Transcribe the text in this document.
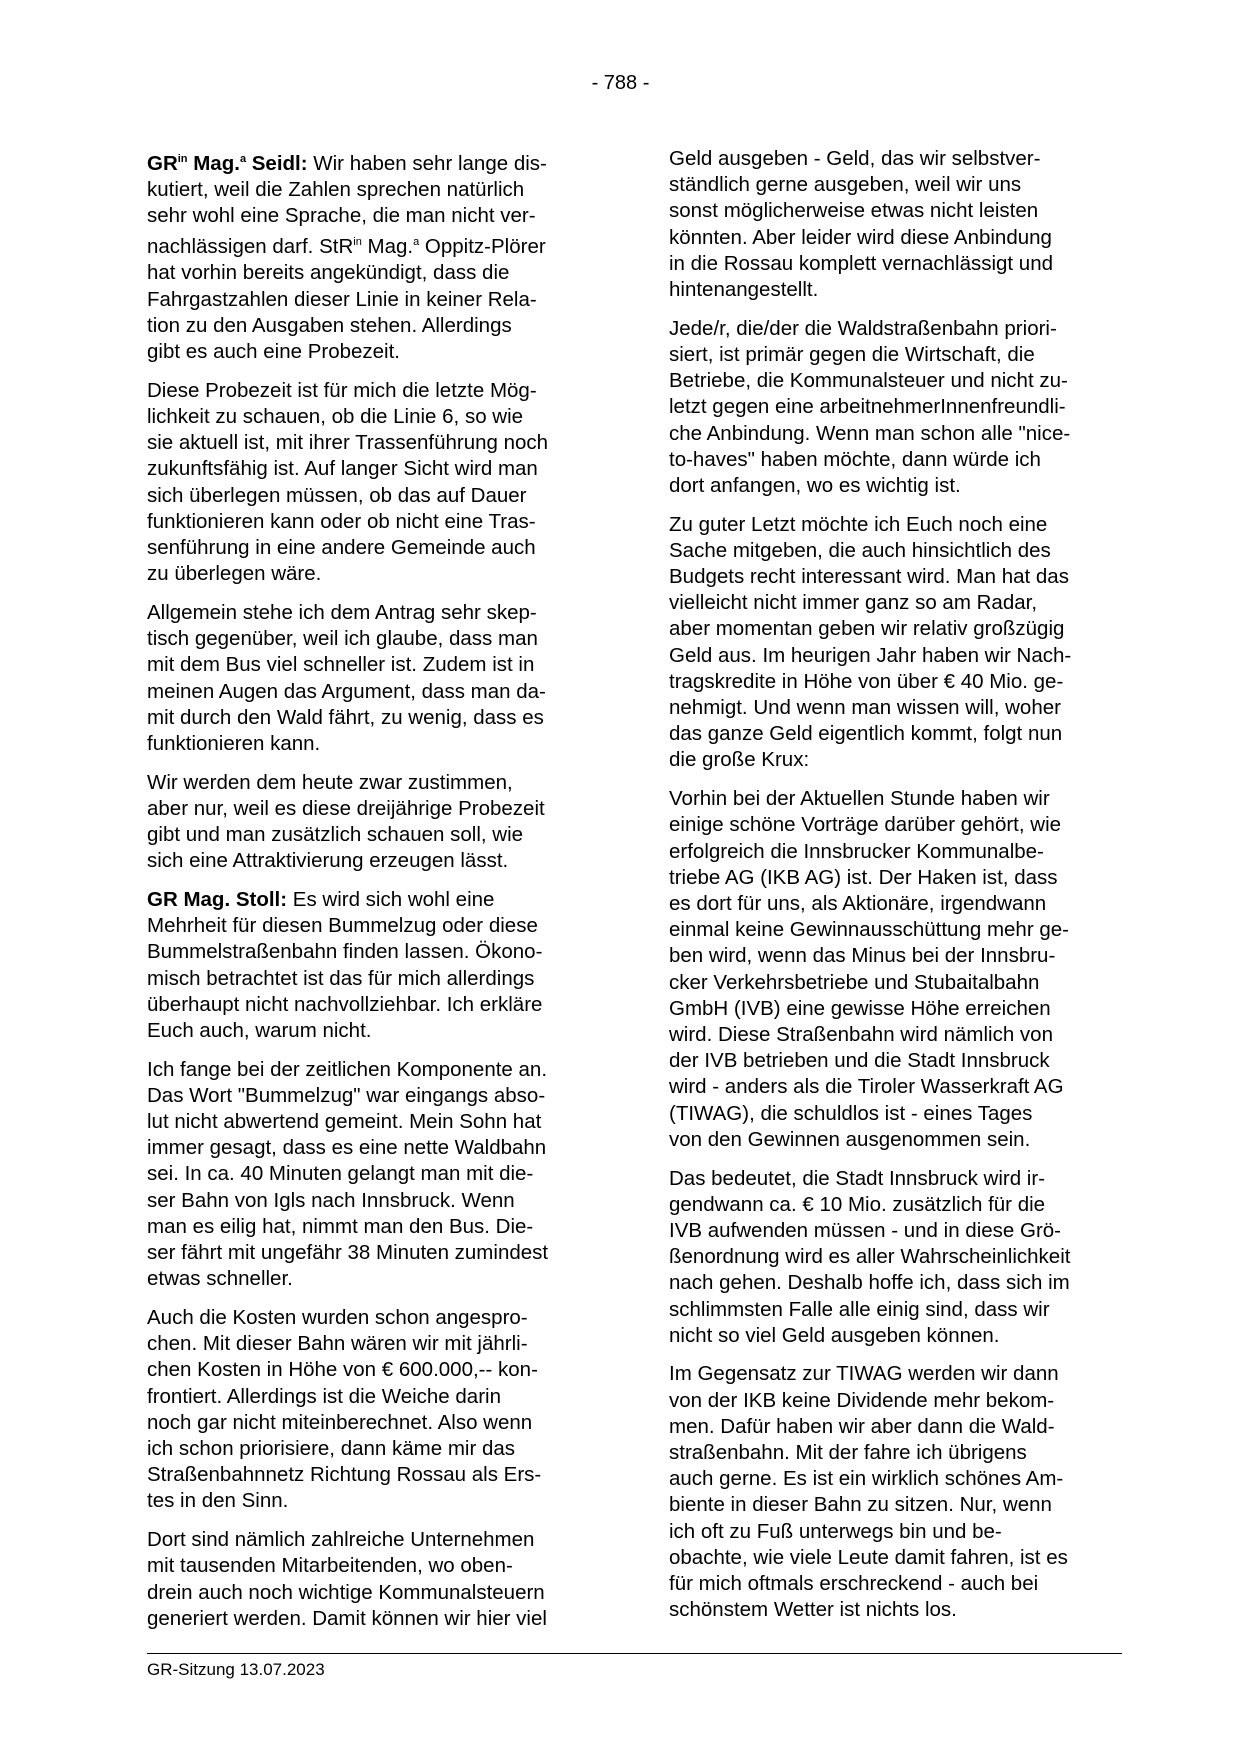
- 788 -

$GR^{in}$ Mag.$^a$ Seidl: Wir haben sehr lange dis-
kutiert, weil die Zahlen sprechen natürlich
sehr wohl eine Sprache, die man nicht ver-
nachlässigen darf. StR$^{in}$ Mag.$^a$ Oppitz-Plörer
hat vorhin bereits angekündigt, dass die
Fahrgastzahlen dieser Linie in keiner Rela-
tion zu den Ausgaben stehen. Allerdings
gibt es auch eine Probezeit.

Diese Probezeit ist für mich die letzte Mög-
lichkeit zu schauen, ob die Linie 6, so wie
sie aktuell ist, mit ihrer Trassenführung noch
zukunftsfähig ist. Auf langer Sicht wird man
sich überlegen müssen, ob das auf Dauer
funktionieren kann oder ob nicht eine Tras-
senführung in eine andere Gemeinde auch
zu überlegen wäre.

Allgemein stehe ich dem Antrag sehr skep-
tisch gegenüber, weil ich glaube, dass man
mit dem Bus viel schneller ist. Zudem ist in
meinen Augen das Argument, dass man da-
mit durch den Wald fährt, zu wenig, dass es
funktionieren kann.

Wir werden dem heute zwar zustimmen,
aber nur, weil es diese dreijährige Probezeit
gibt und man zusätzlich schauen soll, wie
sich eine Attraktivierung erzeugen lässt.

GR Mag. Stoll: Es wird sich wohl eine
Mehrheit für diesen Bummelzug oder diese
Bummelstraßenbahn finden lassen. Ökono-
misch betrachtet ist das für mich allerdings
überhaupt nicht nachvollziehbar. Ich erkläre
Euch auch, warum nicht.

Ich fange bei der zeitlichen Komponente an.
Das Wort "Bummelzug" war eingangs abso-
lut nicht abwertend gemeint. Mein Sohn hat
immer gesagt, dass es eine nette Waldbahn
sei. In ca. 40 Minuten gelangt man mit die-
ser Bahn von Igls nach Innsbruck. Wenn
man es eilig hat, nimmt man den Bus. Die-
ser fährt mit ungefähr 38 Minuten zumindest
etwas schneller.

Auch die Kosten wurden schon angespro-
chen. Mit dieser Bahn wären wir mit jährli-
chen Kosten in Höhe von € 600.000,-- kon-
frontiert. Allerdings ist die Weiche darin
noch gar nicht miteinberechnet. Also wenn
ich schon priorisiere, dann käme mir das
Straßenbahnnetz Richtung Rossau als Ers-
tes in den Sinn.

Dort sind nämlich zahlreiche Unternehmen
mit tausenden Mitarbeitenden, wo oben-
drein auch noch wichtige Kommunalsteuern
generiert werden. Damit können wir hier viel

Geld ausgeben - Geld, das wir selbstver-
ständlich gerne ausgeben, weil wir uns
sonst möglicherweise etwas nicht leisten
könnten. Aber leider wird diese Anbindung
in die Rossau komplett vernachlässigt und
hintenangestellt.

Jede/r, die/der die Waldstraßenbahn priori-
siert, ist primär gegen die Wirtschaft, die
Betriebe, die Kommunalsteuer und nicht zu-
letzt gegen eine arbeitnehmerInnenfreundli-
che Anbindung. Wenn man schon alle "nice-
to-haves" haben möchte, dann würde ich
dort anfangen, wo es wichtig ist.

Zu guter Letzt möchte ich Euch noch eine
Sache mitgeben, die auch hinsichtlich des
Budgets recht interessant wird. Man hat das
vielleicht nicht immer ganz so am Radar,
aber momentan geben wir relativ großzügig
Geld aus. Im heurigen Jahr haben wir Nach-
tragskredite in Höhe von über € 40 Mio. ge-
nehmigt. Und wenn man wissen will, woher
das ganze Geld eigentlich kommt, folgt nun
die große Krux:

Vorhin bei der Aktuellen Stunde haben wir
einige schöne Vorträge darüber gehört, wie
erfolgreich die Innsbrucker Kommunalbe-
triebe AG (IKB AG) ist. Der Haken ist, dass
es dort für uns, als Aktionäre, irgendwann
einmal keine Gewinnausschüttung mehr ge-
ben wird, wenn das Minus bei der Innsbru-
cker Verkehrsbetriebe und Stubaitalbahn
GmbH (IVB) eine gewisse Höhe erreichen
wird. Diese Straßenbahn wird nämlich von
der IVB betrieben und die Stadt Innsbruck
wird - anders als die Tiroler Wasserkraft AG
(TIWAG), die schuldlos ist - eines Tages
von den Gewinnen ausgenommen sein.

Das bedeutet, die Stadt Innsbruck wird ir-
gendwann ca. € 10 Mio. zusätzlich für die
IVB aufwenden müssen - und in diese Grö-
ßenordnung wird es aller Wahrscheinlichkeit
nach gehen. Deshalb hoffe ich, dass sich im
schlimmsten Falle alle einig sind, dass wir
nicht so viel Geld ausgeben können.

Im Gegensatz zur TIWAG werden wir dann
von der IKB keine Dividende mehr bekom-
men. Dafür haben wir aber dann die Wald-
straßenbahn. Mit der fahre ich übrigens
auch gerne. Es ist ein wirklich schönes Am-
biente in dieser Bahn zu sitzen. Nur, wenn
ich oft zu Fuß unterwegs bin und be-
obachte, wie viele Leute damit fahren, ist es
für mich oftmals erschreckend - auch bei
schönstem Wetter ist nichts los.

GR-Sitzung 13.07.2023
